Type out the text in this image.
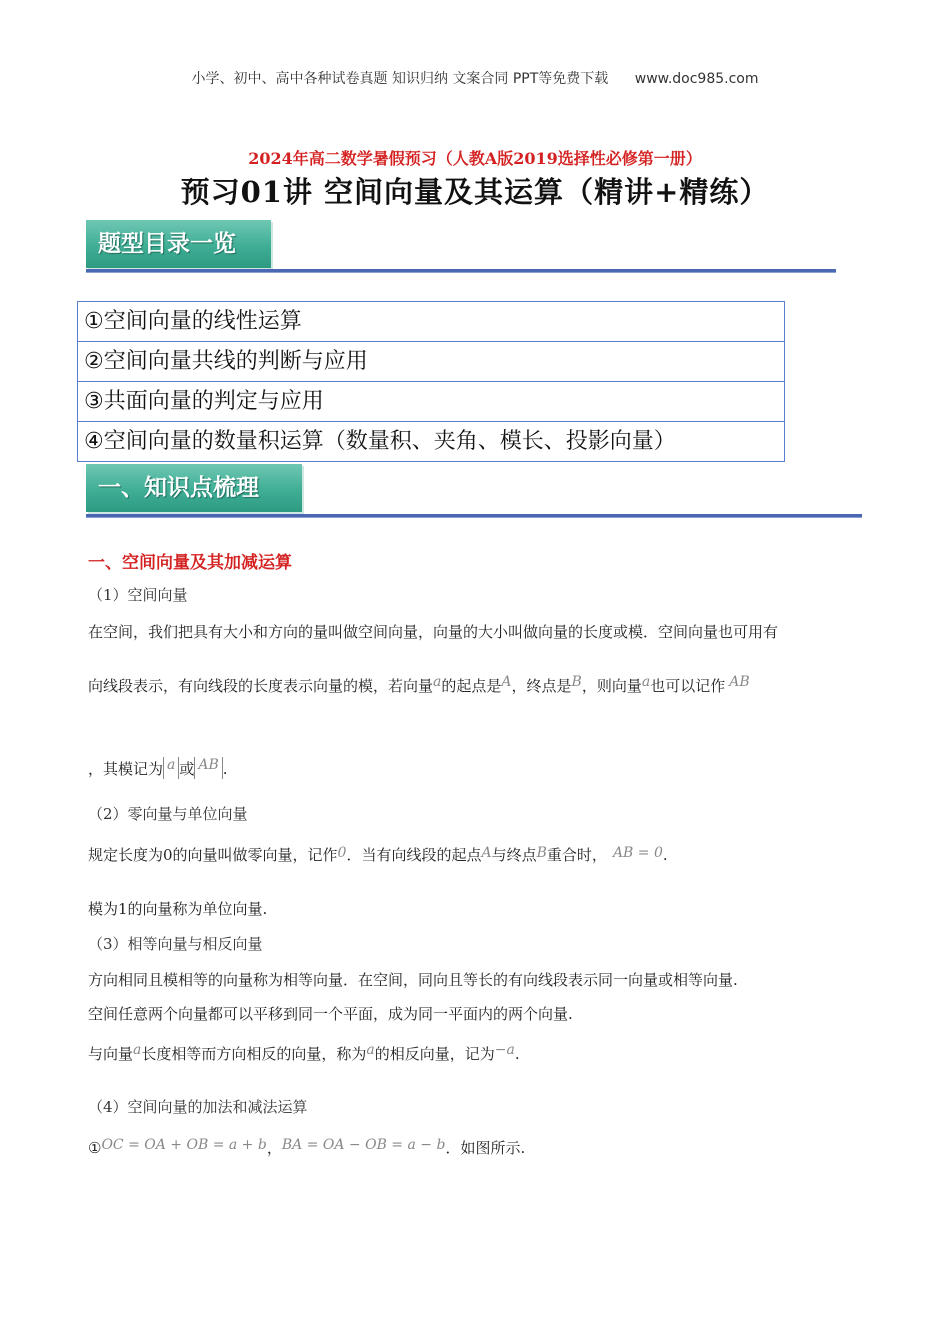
小学、初中、高中各种试卷真题 知识归纳 文案合同 PPT等免费下载 www.doc985.com
2024年高二数学暑假预习（人教A版2019选择性必修第一册）
预习01讲 空间向量及其运算（精讲+精练）
题型目录一览
①空间向量的线性运算
②空间向量共线的判断与应用
③共面向量的判定与应用
④空间向量的数量积运算（数量积、夹角、模长、投影向量）
一、知识点梳理
一、空间向量及其加减运算
（1）空间向量
在空间，我们把具有大小和方向的量叫做空间向量，向量的大小叫做向量的长度或模．空间向量也可用有
向线段表示，有向线段的长度表示向量的模，若向量a的起点是A，终点是B，则向量a也可以记作 AB
，其模记为 a 或 AB .
（2）零向量与单位向量
规定长度为0的向量叫做零向量，记作0．当有向线段的起点A与终点B重合时， AB = 0.
模为1的向量称为单位向量.
（3）相等向量与相反向量
方向相同且模相等的向量称为相等向量．在空间，同向且等长的有向线段表示同一向量或相等向量.
空间任意两个向量都可以平移到同一个平面，成为同一平面内的两个向量.
与向量a长度相等而方向相反的向量，称为a的相反向量，记为−a.
（4）空间向量的加法和减法运算
①OC = OA + OB = a + b，BA = OA − OB = a − b．如图所示.
